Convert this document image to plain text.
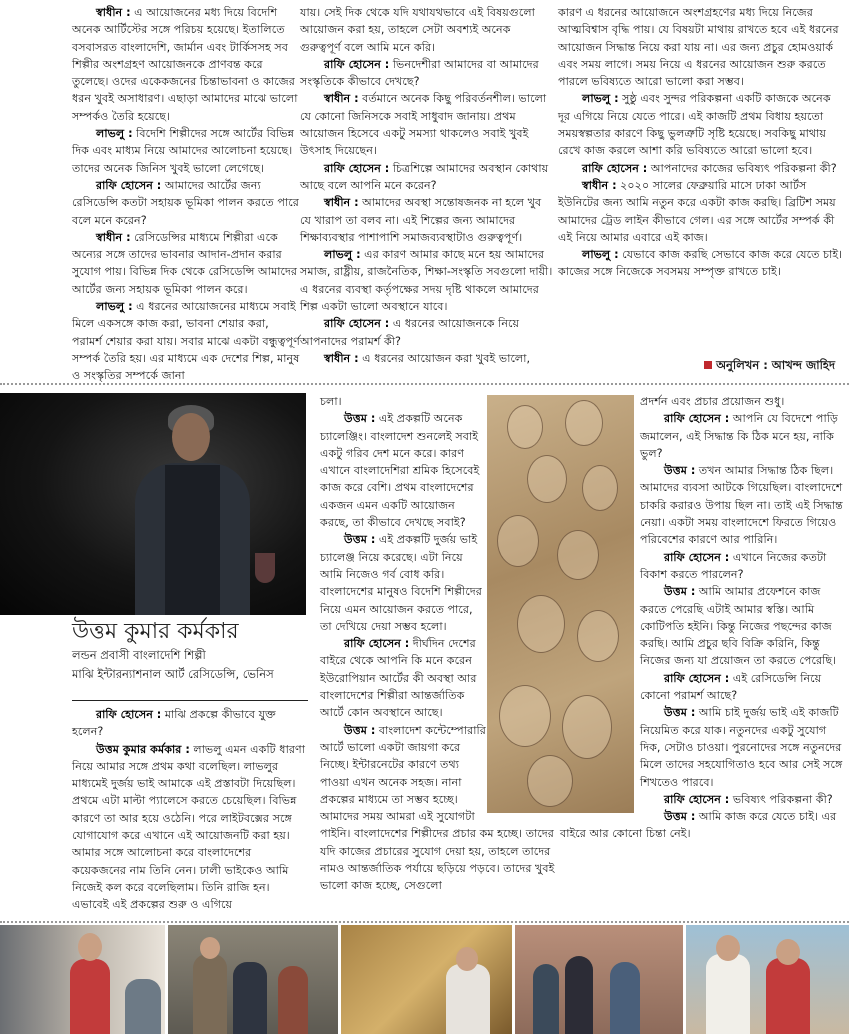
স্বাধীন : এ আয়োজনের মধ্য দিয়ে বিদেশি অনেক আর্টিস্টের সঙ্গে পরিচয় হয়েছে। ইতালিতে বসবাসরত বাংলাদেশি, জার্মান এবং টার্কিসসহ সব শিল্পীর অংশগ্রহণ আয়োজনকে প্রাণবন্ত করে তুলেছে। ওদের একেকজনের চিন্তাভাবনা ও কাজের ধরন খুবই অসাধারণ। এছাড়া আমাদের মাঝে ভালো সম্পর্কও তৈরি হয়েছে।

লাভলু : বিদেশি শিল্পীদের সঙ্গে আর্টের বিভিন্ন দিক এবং মাধ্যম নিয়ে আমাদের আলোচনা হয়েছে। তাদের অনেক জিনিস খুবই ভালো লেগেছে।

রাফি হোসেন : আমাদের আর্টের জন্য রেসিডেন্সি কতটা সহায়ক ভূমিকা পালন করতে পারে বলে মনে করেন?

স্বাধীন : রেসিডেন্সির মাধ্যমে শিল্পীরা একে অন্যের সঙ্গে তাদের ভাবনার আদান-প্রদান করার সুযোগ পায়। বিভিন্ন দিক থেকে রেসিডেন্সি আমাদের আর্টের জন্য সহায়ক ভূমিকা পালন করে।

লাভলু : এ ধরনের আয়োজনের মাধ্যমে সবাই মিলে একসঙ্গে কাজ করা, ভাবনা শেয়ার করা, পরামর্শ শেয়ার করা যায়। সবার মাঝে একটা বন্ধুত্বপূর্ণ সম্পর্ক তৈরি হয়। এর মাধ্যমে এক দেশের শিল্প, মানুষ ও সংস্কৃতির সম্পর্কে জানা

যায়। সেই দিক থেকে যদি যথাযথভাবে এই বিষয়গুলো আয়োজন করা হয়, তাহলে সেটা অবশ্যই অনেক গুরুত্বপূর্ণ বলে আমি মনে করি।

রাফি হোসেন : ভিনদেশীরা আমাদের বা আমাদের সংস্কৃতিকে কীভাবে দেখছে?

স্বাধীন : বর্তমানে অনেক কিছু পরিবর্তনশীল। ভালো যে কোনো জিনিসকে সবাই সাধুবাদ জানায়। প্রথম আয়োজন হিসেবে একটু সমস্যা থাকলেও সবাই খুবই উৎসাহ দিয়েছেন।

রাফি হোসেন : চিত্রশিল্পে আমাদের অবস্থান কোথায় আছে বলে আপনি মনে করেন?

স্বাধীন : আমাদের অবস্থা সন্তোষজনক না হলে খুব যে খারাপ তা বলব না। এই শিল্পের জন্য আমাদের শিক্ষাব্যবস্থার পাশাপাশি সমাজব্যবস্থাটাও গুরুত্বপূর্ণ।

লাভলু : এর কারণ আমার কাছে মনে হয় আমাদের সমাজ, রাষ্ট্রীয়, রাজনৈতিক, শিক্ষা-সংস্কৃতি সবগুলো দায়ী। এ ধরনের ব্যবস্থা কর্তৃপক্ষের সদয় দৃষ্টি থাকলে আমাদের শিল্প একটা ভালো অবস্থানে যাবে।

রাফি হোসেন : এ ধরনের আয়োজনকে নিয়ে আপনাদের পরামর্শ কী?

স্বাধীন : এ ধরনের আয়োজন করা খুবই ভালো,

কারণ এ ধরনের আয়োজনে অংশগ্রহণের মধ্য দিয়ে নিজের আত্মবিশ্বাস বৃদ্ধি পায়। যে বিষয়টা মাথায় রাখতে হবে এই ধরনের আয়োজন সিদ্ধান্ত নিয়ে করা যায় না। এর জন্য প্রচুর হোমওয়ার্ক এবং সময় লাগে। সময় নিয়ে এ ধরনের আয়োজন শুরু করতে পারলে ভবিষ্যতে আরো ভালো করা সম্ভব।

লাভলু : সুষ্ঠু এবং সুন্দর পরিকল্পনা একটি কাজকে অনেক দূর এগিয়ে নিয়ে যেতে পারে। এই কাজটি প্রথম বিধায় হয়তো সময়স্বল্পতার কারণে কিছু ভুলত্রুটি সৃষ্টি হয়েছে। সবকিছু মাথায় রেখে কাজ করলে আশা করি ভবিষ্যতে আরো ভালো হবে।

রাফি হোসেন : আপনাদের কাজের ভবিষ্যৎ পরিকল্পনা কী?

স্বাধীন : ২০২০ সালের ফেব্রুয়ারি মাসে ঢাকা আর্টস ইউনিটের জন্য আমি নতুন করে একটা কাজ করছি। ব্রিটিশ সময় আমাদের ট্রেড লাইন কীভাবে গেল। এর সঙ্গে আর্টের সম্পর্ক কী এই নিয়ে আমার এবারে এই কাজ।

লাভলু : যেভাবে কাজ করছি সেভাবে কাজ করে যেতে চাই। কাজের সঙ্গে নিজেকে সবসময় সম্পৃক্ত রাখতে চাই।

অনুলিখন : আখন্দ জাহিদ
উত্তম কুমার কর্মকার
লন্ডন প্রবাসী বাংলাদেশি শিল্পী
মাঝি ইন্টারন্যাশনাল আর্ট রেসিডেন্সি, ভেনিস

রাফি হোসেন : মাঝি প্রকল্পে কীভাবে যুক্ত হলেন?

উত্তম কুমার কর্মকার : লাভলু এমন একটি ধারণা নিয়ে আমার সঙ্গে প্রথম কথা বলেছিল। লাভলুর মাধ্যমেই দুর্জয় ভাই আমাকে এই প্রস্তাবটা দিয়েছিল। প্রথমে এটা মাল্টা প্যালেসে করতে চেয়েছিল। বিভিন্ন কারণে তা আর হয়ে ওঠেনি। পরে লাইটবক্সের সঙ্গে যোগাযোগ করে এখানে এই আয়োজনটি করা হয়। আমার সঙ্গে আলোচনা করে বাংলাদেশের কয়েকজনের নাম তিনি নেন। ঢালী ভাইকেও আমি নিজেই কল করে বলেছিলাম। তিনি রাজি হন। এভাবেই এই প্রকল্পের শুরু ও এগিয়ে

চলা।

উত্তম : এই প্রকল্পটি অনেক চ্যালেঞ্জিং। বাংলাদেশ শুনলেই সবাই একটু গরিব দেশ মনে করে। কারণ এখানে বাংলাদেশিরা শ্রমিক হিসেবেই কাজ করে বেশি। প্রথম বাংলাদেশের একজন এমন একটি আয়োজন করছে, তা কীভাবে দেখছে সবাই?

উত্তম : এই প্রকল্পটি দুর্জয় ভাই চ্যালেঞ্জ নিয়ে করেছে। এটা নিয়ে আমি নিজেও গর্ব বোধ করি। বাংলাদেশের মানুষও বিদেশি শিল্পীদের নিয়ে এমন আয়োজন করতে পারে, তা দেখিয়ে দেয়া সম্ভব হলো।

রাফি হোসেন : দীর্ঘদিন দেশের বাইরে থেকে আপনি কি মনে করেন ইউরোপিয়ান আর্টের কী অবস্থা আর বাংলাদেশের শিল্পীরা আন্তর্জাতিক আর্টে কোন অবস্থানে আছে।

উত্তম : বাংলাদেশ কন্টেম্পোরারি আর্টে ভালো একটা জায়গা করে নিচ্ছে। ইন্টারনেটের কারণে তথ্য পাওয়া এখন অনেক সহজ। নানা প্রকল্পের মাধ্যমে তা সম্ভব হচ্ছে। আমাদের সময় আমরা এই সুযোগটা পাইনি। বাংলাদেশের শিল্পীদের প্রচার কম হচ্ছে। তাদের যদি কাজের প্রচারের সুযোগ দেয়া হয়, তাহলে তাদের নামও আন্তর্জাতিক পর্যায়ে ছড়িয়ে পড়বে। তাদের খুবই ভালো কাজ হচ্ছে, সেগুলো

প্রদর্শন এবং প্রচার প্রয়োজন শুধু।

রাফি হোসেন : আপনি যে বিদেশে পাড়ি জমালেন, এই সিদ্ধান্ত কি ঠিক মনে হয়, নাকি ভুল?

উত্তম : তখন আমার সিদ্ধান্ত ঠিক ছিল। আমাদের ব্যবসা আটকে গিয়েছিল। বাংলাদেশে চাকরি করারও উপায় ছিল না। তাই এই সিদ্ধান্ত নেয়া। একটা সময় বাংলাদেশে ফিরতে গিয়েও পরিবেশের কারণে আর পারিনি।

রাফি হোসেন : এখানে নিজের কতটা বিকাশ করতে পারলেন?

উত্তম : আমি আমার প্রফেশনে কাজ করতে পেরেছি এটাই আমার স্বস্তি। আমি কোটিপতি হইনি। কিন্তু নিজের পছন্দের কাজ করছি। আমি প্রচুর ছবি বিক্রি করিনি, কিন্তু নিজের জন্য যা প্রয়োজন তা করতে পেরেছি।

রাফি হোসেন : এই রেসিডেন্সি নিয়ে কোনো পরামর্শ আছে?

উত্তম : আমি চাই দুর্জয় ভাই এই কাজটি নিয়েমিত করে যাক। নতুনদের একটু সুযোগ দিক, সেটাও চাওয়া। পুরনোদের সঙ্গে নতুনদের মিলে তাদের সহযোগিতাও হবে আর সেই সঙ্গে শিখতেও পারবে।

রাফি হোসেন : ভবিষ্যৎ পরিকল্পনা কী?

উত্তম : আমি কাজ করে যেতে চাই। এর বাইরে আর কোনো চিন্তা নেই।
